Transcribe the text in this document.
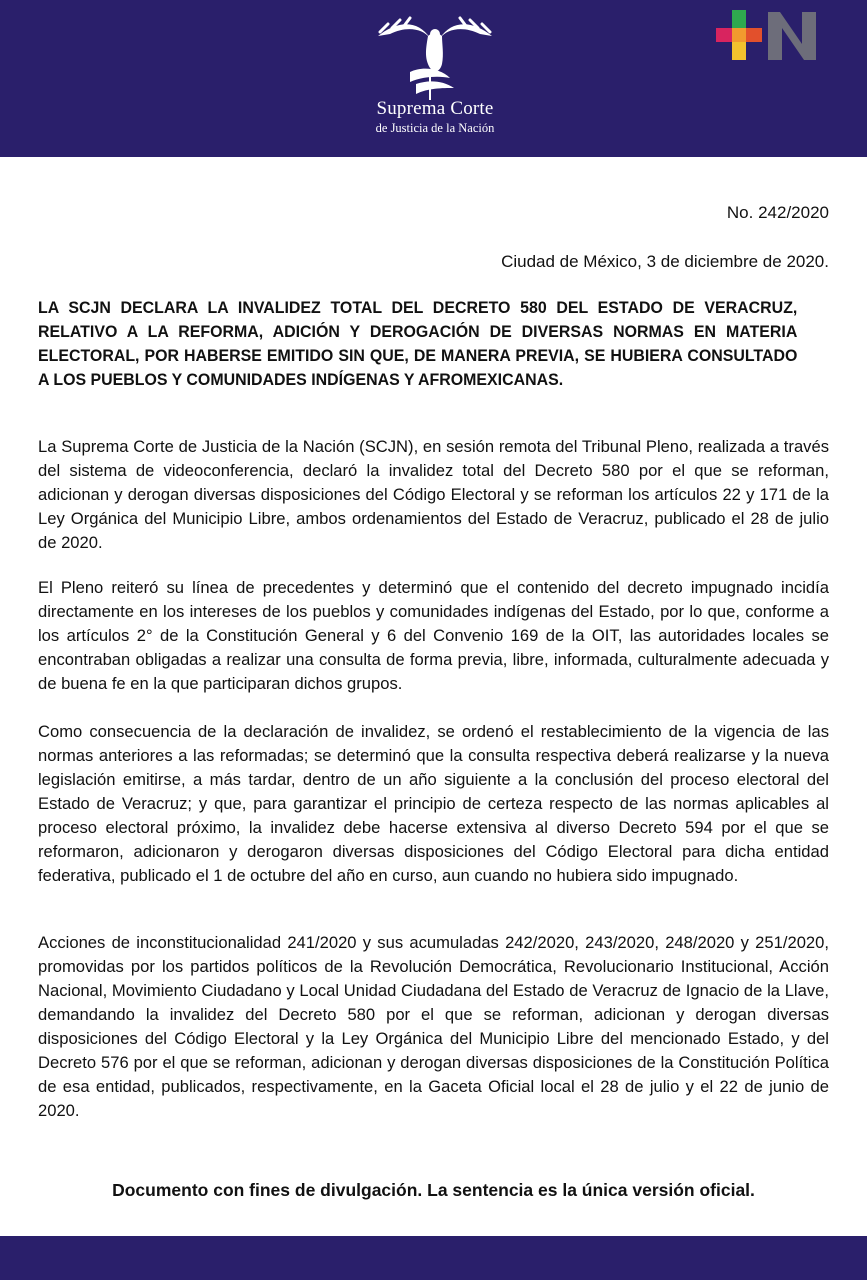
Suprema Corte
de Justicia de la Nación
No. 242/2020
Ciudad de México, 3 de diciembre de 2020.
LA SCJN DECLARA LA INVALIDEZ TOTAL DEL DECRETO 580 DEL ESTADO DE VERACRUZ, RELATIVO A LA REFORMA, ADICIÓN Y DEROGACIÓN DE DIVERSAS NORMAS EN MATERIA ELECTORAL, POR HABERSE EMITIDO SIN QUE, DE MANERA PREVIA, SE HUBIERA CONSULTADO A LOS PUEBLOS Y COMUNIDADES INDÍGENAS Y AFROMEXICANAS.

La Suprema Corte de Justicia de la Nación (SCJN), en sesión remota del Tribunal Pleno, realizada a través del sistema de videoconferencia, declaró la invalidez total del Decreto 580 por el que se reforman, adicionan y derogan diversas disposiciones del Código Electoral y se reforman los artículos 22 y 171 de la Ley Orgánica del Municipio Libre, ambos ordenamientos del Estado de Veracruz, publicado el 28 de julio de 2020.

El Pleno reiteró su línea de precedentes y determinó que el contenido del decreto impugnado incidía directamente en los intereses de los pueblos y comunidades indígenas del Estado, por lo que, conforme a los artículos 2° de la Constitución General y 6 del Convenio 169 de la OIT, las autoridades locales se encontraban obligadas a realizar una consulta de forma previa, libre, informada, culturalmente adecuada y de buena fe en la que participaran dichos grupos.

Como consecuencia de la declaración de invalidez, se ordenó el restablecimiento de la vigencia de las normas anteriores a las reformadas; se determinó que la consulta respectiva deberá realizarse y la nueva legislación emitirse, a más tardar, dentro de un año siguiente a la conclusión del proceso electoral del Estado de Veracruz; y que, para garantizar el principio de certeza respecto de las normas aplicables al proceso electoral próximo, la invalidez debe hacerse extensiva al diverso Decreto 594 por el que se reformaron, adicionaron y derogaron diversas disposiciones del Código Electoral para dicha entidad federativa, publicado el 1 de octubre del año en curso, aun cuando no hubiera sido impugnado.

Acciones de inconstitucionalidad 241/2020 y sus acumuladas 242/2020, 243/2020, 248/2020 y 251/2020, promovidas por los partidos políticos de la Revolución Democrática, Revolucionario Institucional, Acción Nacional, Movimiento Ciudadano y Local Unidad Ciudadana del Estado de Veracruz de Ignacio de la Llave, demandando la invalidez del Decreto 580 por el que se reforman, adicionan y derogan diversas disposiciones del Código Electoral y la Ley Orgánica del Municipio Libre del mencionado Estado, y del Decreto 576 por el que se reforman, adicionan y derogan diversas disposiciones de la Constitución Política de esa entidad, publicados, respectivamente, en la Gaceta Oficial local el 28 de julio y el 22 de junio de 2020.

Documento con fines de divulgación. La sentencia es la única versión oficial.
